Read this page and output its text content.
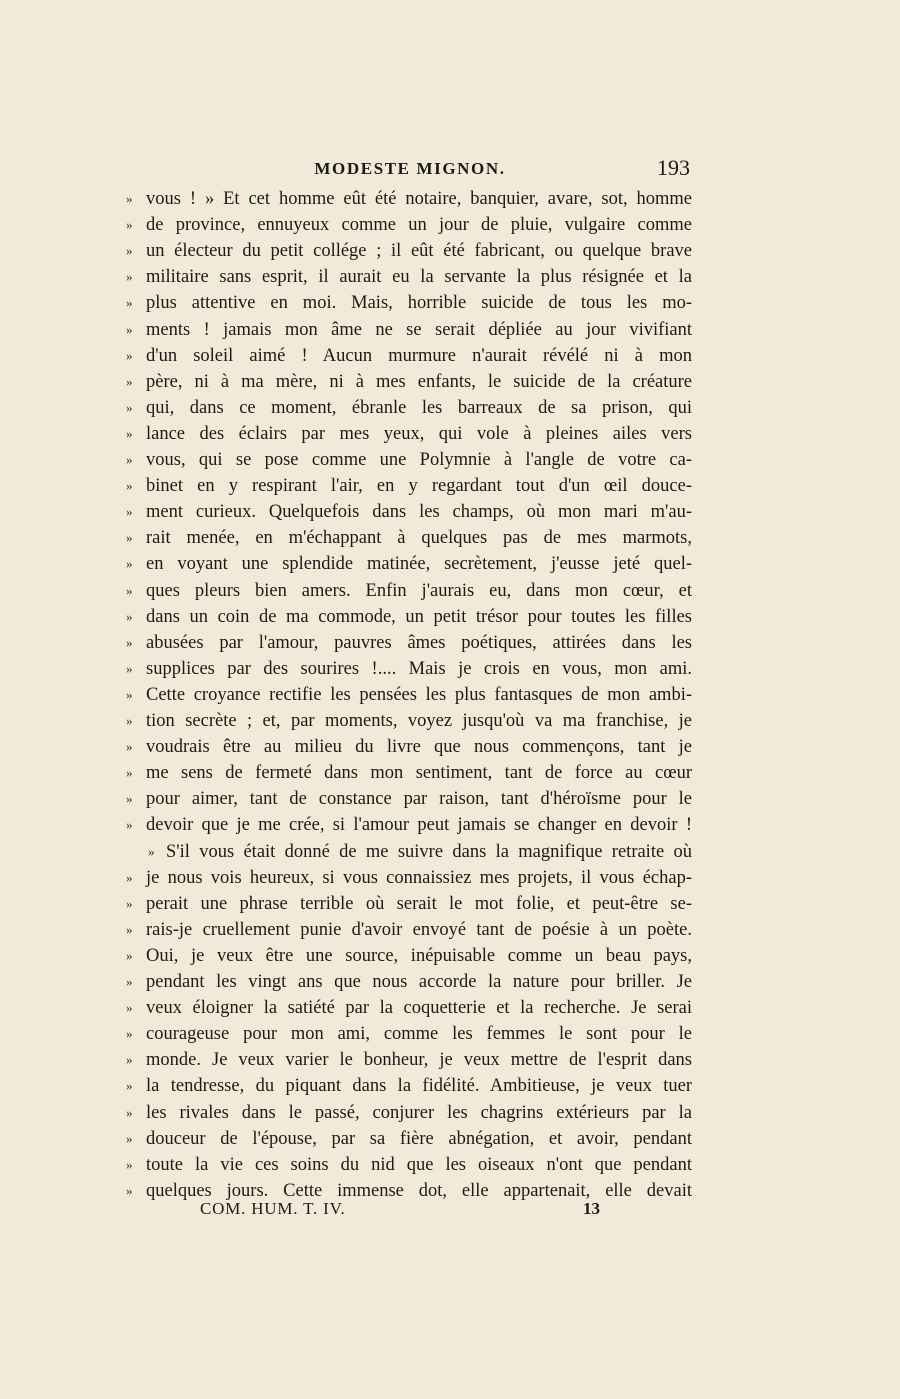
MODESTE MIGNON.	193
» vous ! » Et cet homme eût été notaire, banquier, avare, sot, homme
» de province, ennuyeux comme un jour de pluie, vulgaire comme
» un électeur du petit collége ; il eût été fabricant, ou quelque brave
» militaire sans esprit, il aurait eu la servante la plus résignée et la
» plus attentive en moi. Mais, horrible suicide de tous les mo-
» ments ! jamais mon âme ne se serait dépliée au jour vivifiant
» d'un soleil aimé ! Aucun murmure n'aurait révélé ni à mon
» père, ni à ma mère, ni à mes enfants, le suicide de la créature
» qui, dans ce moment, ébranle les barreaux de sa prison, qui
» lance des éclairs par mes yeux, qui vole à pleines ailes vers
» vous, qui se pose comme une Polymnie à l'angle de votre ca-
» binet en y respirant l'air, en y regardant tout d'un œil douce-
» ment curieux. Quelquefois dans les champs, où mon mari m'au-
» rait menée, en m'échappant à quelques pas de mes marmots,
» en voyant une splendide matinée, secrètement, j'eusse jeté quel-
» ques pleurs bien amers. Enfin j'aurais eu, dans mon cœur, et
» dans un coin de ma commode, un petit trésor pour toutes les filles
» abusées par l'amour, pauvres âmes poétiques, attirées dans les
» supplices par des sourires !.... Mais je crois en vous, mon ami.
» Cette croyance rectifie les pensées les plus fantasques de mon ambi-
» tion secrète ; et, par moments, voyez jusqu'où va ma franchise, je
» voudrais être au milieu du livre que nous commençons, tant je
» me sens de fermeté dans mon sentiment, tant de force au cœur
» pour aimer, tant de constance par raison, tant d'héroïsme pour le
» devoir que je me crée, si l'amour peut jamais se changer en devoir !
» S'il vous était donné de me suivre dans la magnifique retraite où
» je nous vois heureux, si vous connaissiez mes projets, il vous échap-
» perait une phrase terrible où serait le mot folie, et peut-être se-
» rais-je cruellement punie d'avoir envoyé tant de poésie à un poète.
» Oui, je veux être une source, inépuisable comme un beau pays,
» pendant les vingt ans que nous accorde la nature pour briller. Je
» veux éloigner la satiété par la coquetterie et la recherche. Je serai
» courageuse pour mon ami, comme les femmes le sont pour le
» monde. Je veux varier le bonheur, je veux mettre de l'esprit dans
» la tendresse, du piquant dans la fidélité. Ambitieuse, je veux tuer
» les rivales dans le passé, conjurer les chagrins extérieurs par la
» douceur de l'épouse, par sa fière abnégation, et avoir, pendant
» toute la vie ces soins du nid que les oiseaux n'ont que pendant
» quelques jours. Cette immense dot, elle appartenait, elle devait
COM. HUM. T. IV.	13
